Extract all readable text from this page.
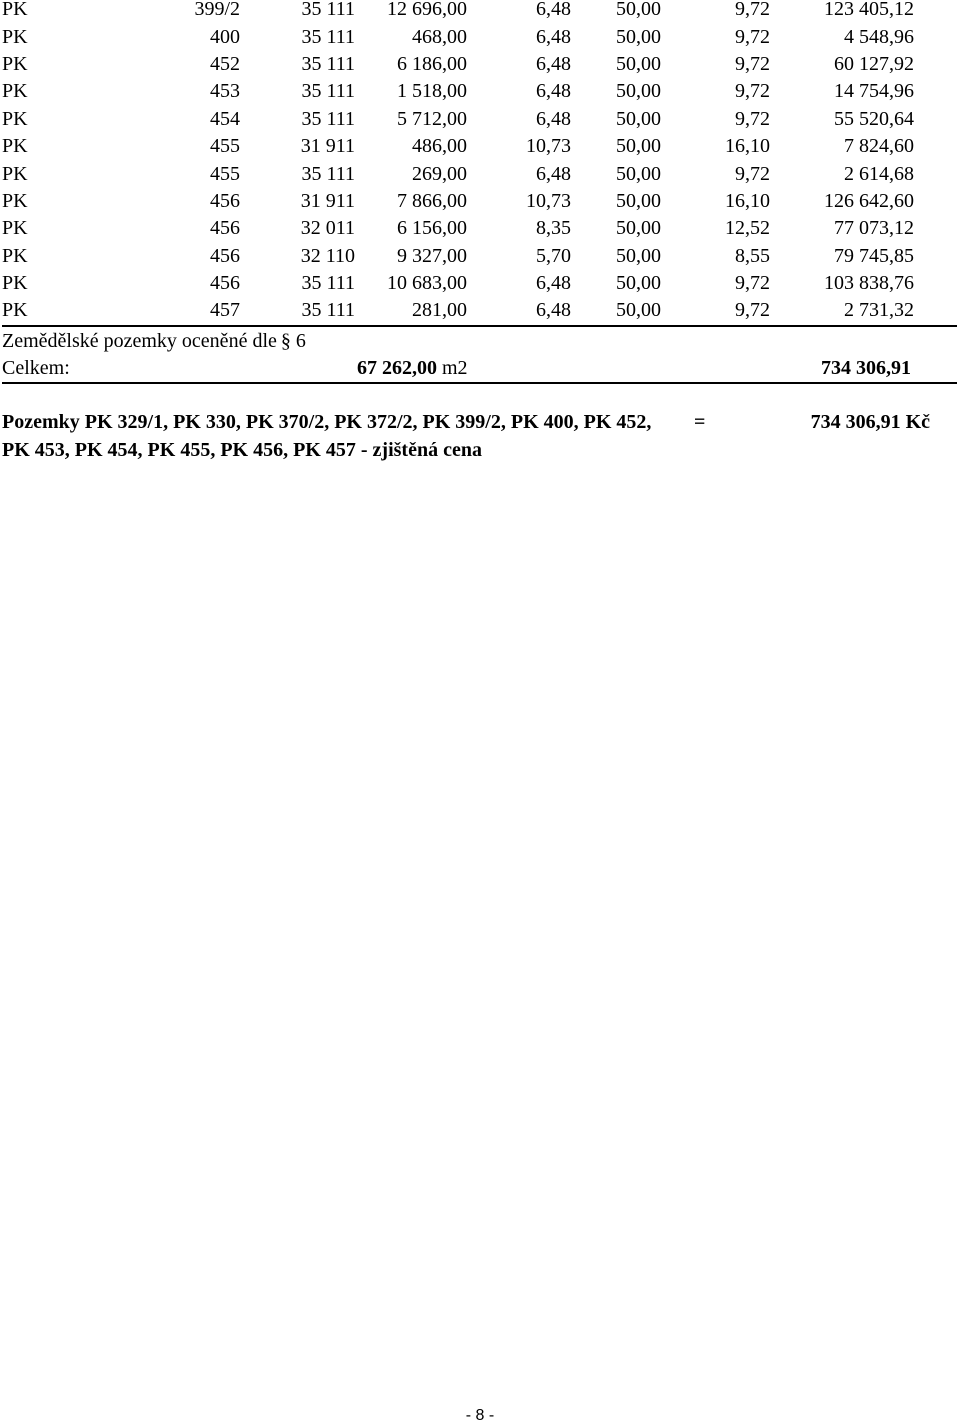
PK	399/2	35 111	12 696,00	6,48	50,00	9,72	123 405,12	
PK	400	35 111	468,00	6,48	50,00	9,72	4 548,96	
PK	452	35 111	6 186,00	6,48	50,00	9,72	60 127,92	
PK	453	35 111	1 518,00	6,48	50,00	9,72	14 754,96	
PK	454	35 111	5 712,00	6,48	50,00	9,72	55 520,64	
PK	455	31 911	486,00	10,73	50,00	16,10	7 824,60	
PK	455	35 111	269,00	6,48	50,00	9,72	2 614,68	
PK	456	31 911	7 866,00	10,73	50,00	16,10	126 642,60	
PK	456	32 011	6 156,00	8,35	50,00	12,52	77 073,12	
PK	456	32 110	9 327,00	5,70	50,00	8,55	79 745,85	
PK	456	35 111	10 683,00	6,48	50,00	9,72	103 838,76	
PK	457	35 111	281,00	6,48	50,00	9,72	2 731,32	
Zemědělské pozemky oceněné dle § 6
Celkem:	67 262,00 m2	734 306,91
Pozemky PK 329/1, PK 330, PK 370/2, PK 372/2, PK 399/2, PK 400, PK 452, PK 453, PK 454, PK 455, PK 456, PK 457 - zjištěná cena
=	734 306,91 Kč
- 8 -
